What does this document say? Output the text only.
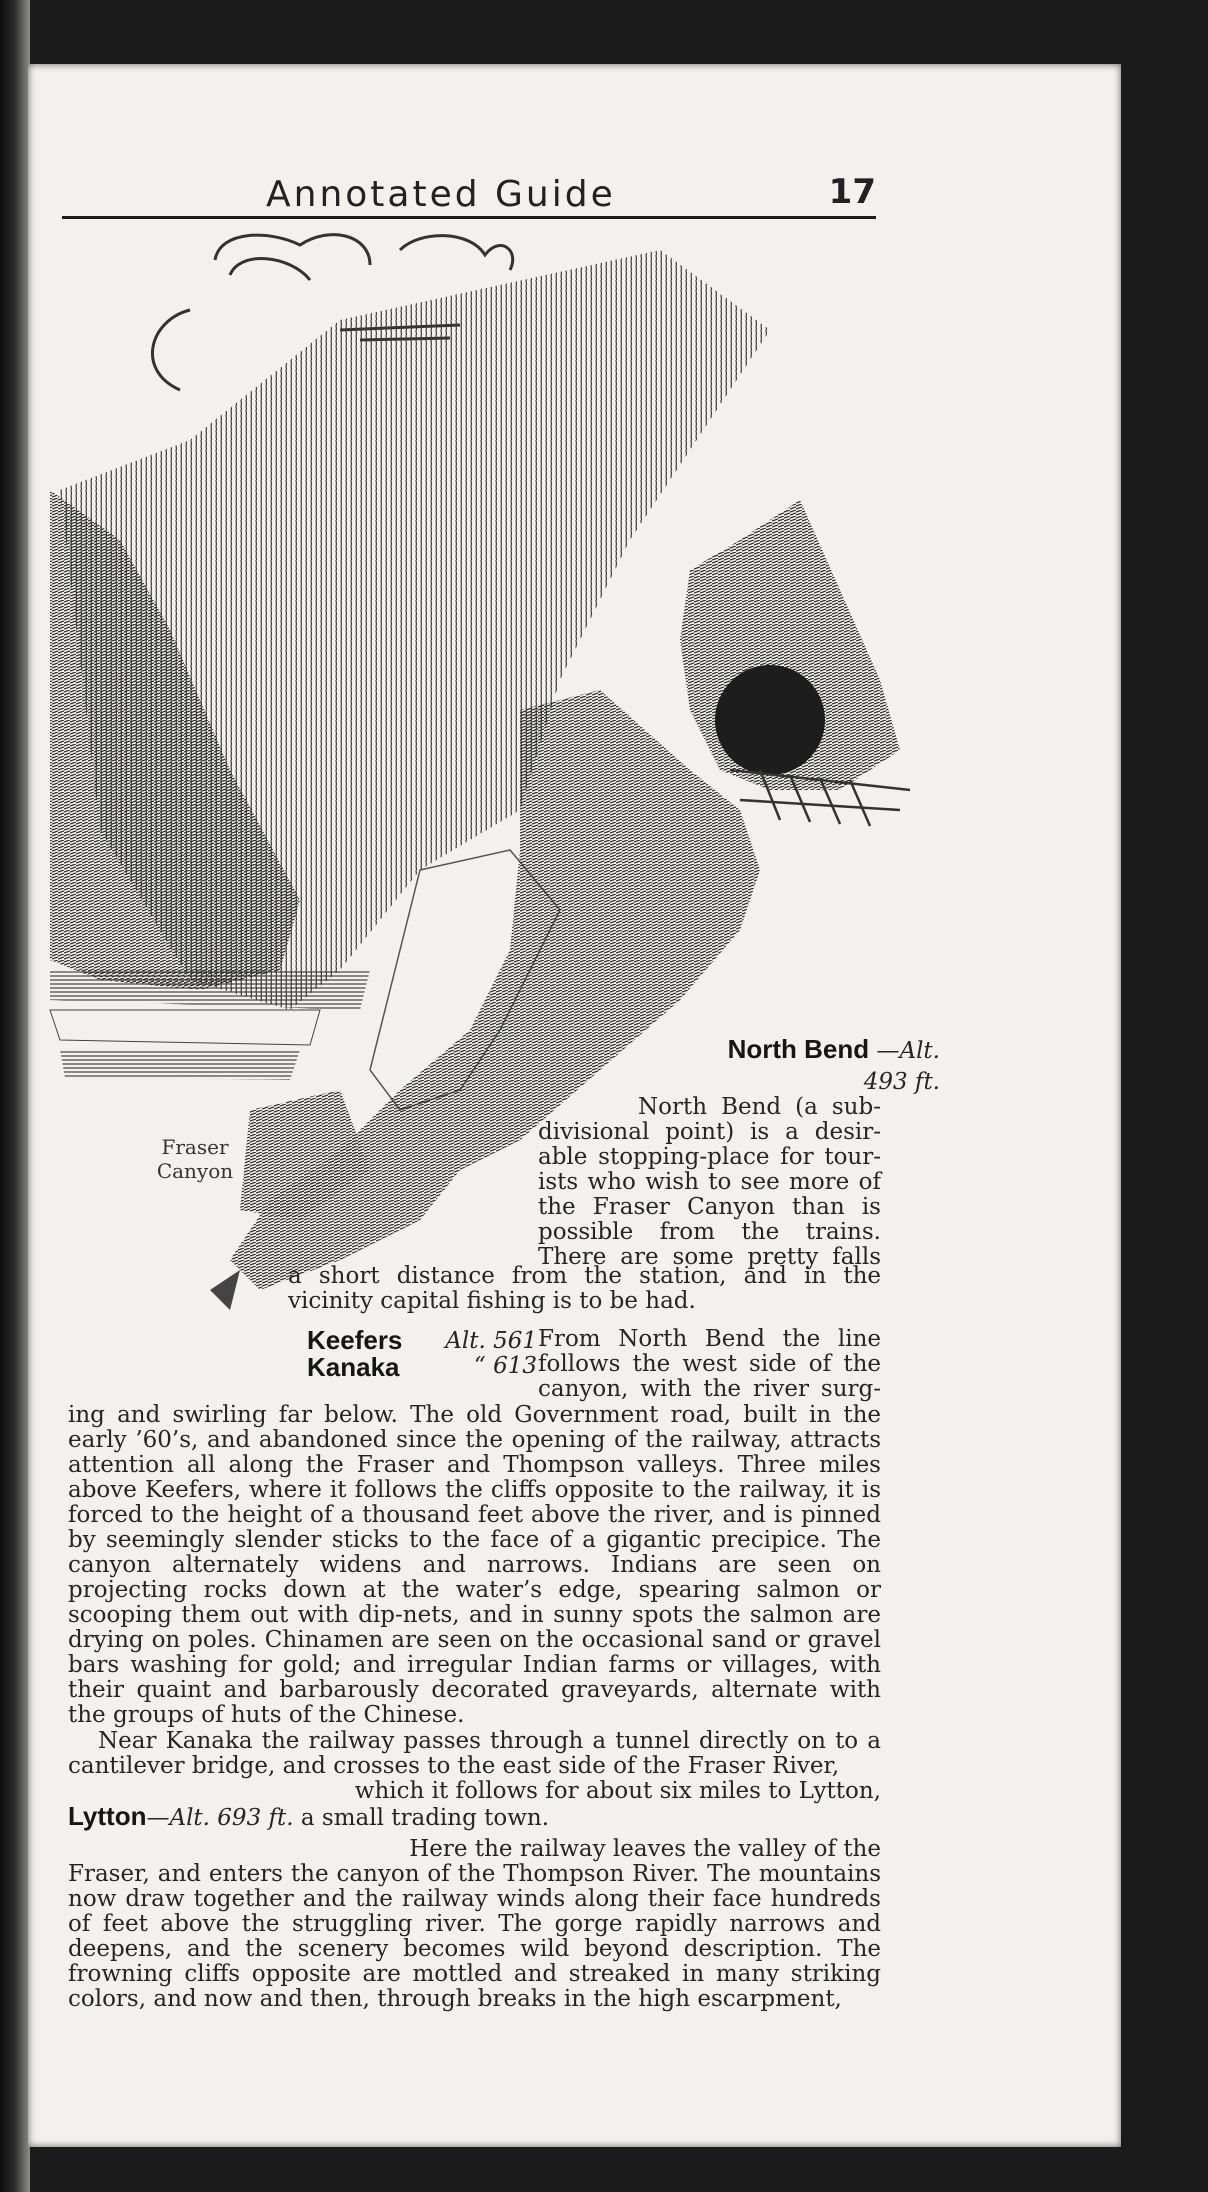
Annotated Guide	17
Fraser
Canyon
North Bend —Alt.
493 ft.
North Bend (a sub-
divisional point) is a desir-
able stopping-place for tour-
ists who wish to see more of
the Fraser Canyon than is
possible from the trains.
There are some pretty falls
a short distance from the station, and in the
vicinity capital fishing is to be had.
Keefers
Kanaka
Alt. 561
“ 613
From North Bend the line
follows the west side of the
canyon, with the river surg-
ing and swirling far below. The old Government road, built in the early ’60’s, and abandoned since the opening of the railway, attracts attention all along the Fraser and Thompson valleys. Three miles above Keefers, where it follows the cliffs opposite to the railway, it is forced to the height of a thousand feet above the river, and is pinned by seemingly slender sticks to the face of a gigantic precipice. The canyon alternately widens and narrows. Indians are seen on projecting rocks down at the water’s edge, spearing salmon or scooping them out with dip-nets, and in sunny spots the salmon are drying on poles. Chinamen are seen on the occasional sand or gravel bars washing for gold; and irregular Indian farms or villages, with their quaint and barbarously decorated graveyards, alternate with the groups of huts of the Chinese.
Near Kanaka the railway passes through a tunnel directly on to a cantilever bridge, and crosses to the east side of the Fraser River,
which it follows for about six miles to Lytton,
Lytton—Alt. 693 ft. a small trading town.
Here the railway leaves the valley of the
Fraser, and enters the canyon of the Thompson River. The mountains now draw together and the railway winds along their face hundreds of feet above the struggling river. The gorge rapidly narrows and deepens, and the scenery becomes wild beyond description. The frowning cliffs opposite are mottled and streaked in many striking colors, and now and then, through breaks in the high escarpment,
